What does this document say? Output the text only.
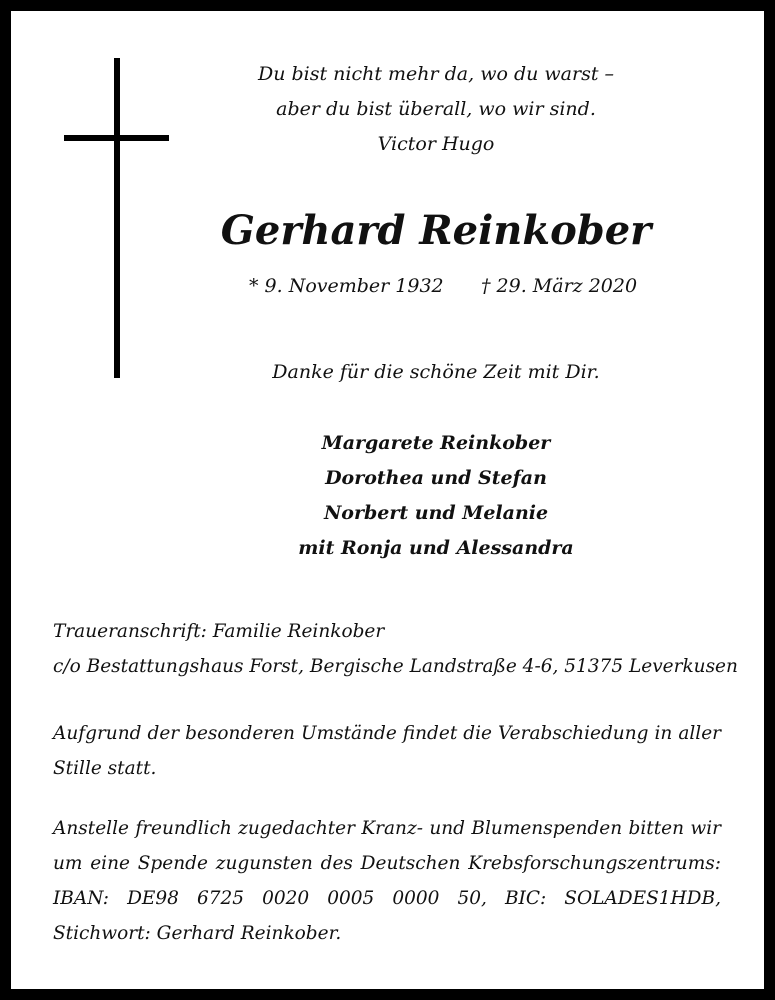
Du bist nicht mehr da, wo du warst –
aber du bist überall, wo wir sind.
Victor Hugo
Gerhard Reinkober
* 9. November 1932 † 29. März 2020
Danke für die schöne Zeit mit Dir.
Margarete Reinkober
Dorothea und Stefan
Norbert und Melanie
mit Ronja und Alessandra
Traueranschrift: Familie Reinkober
c/o Bestattungshaus Forst, Bergische Landstraße 4-6, 51375 Leverkusen
Aufgrund der besonderen Umstände findet die Verabschiedung in aller Stille statt.
Anstelle freundlich zugedachter Kranz- und Blumenspenden bitten wir um eine Spende zugunsten des Deutschen Krebsforschungszentrums: IBAN: DE98 6725 0020 0005 0000 50, BIC: SOLADES1HDB, Stichwort: Gerhard Reinkober.
